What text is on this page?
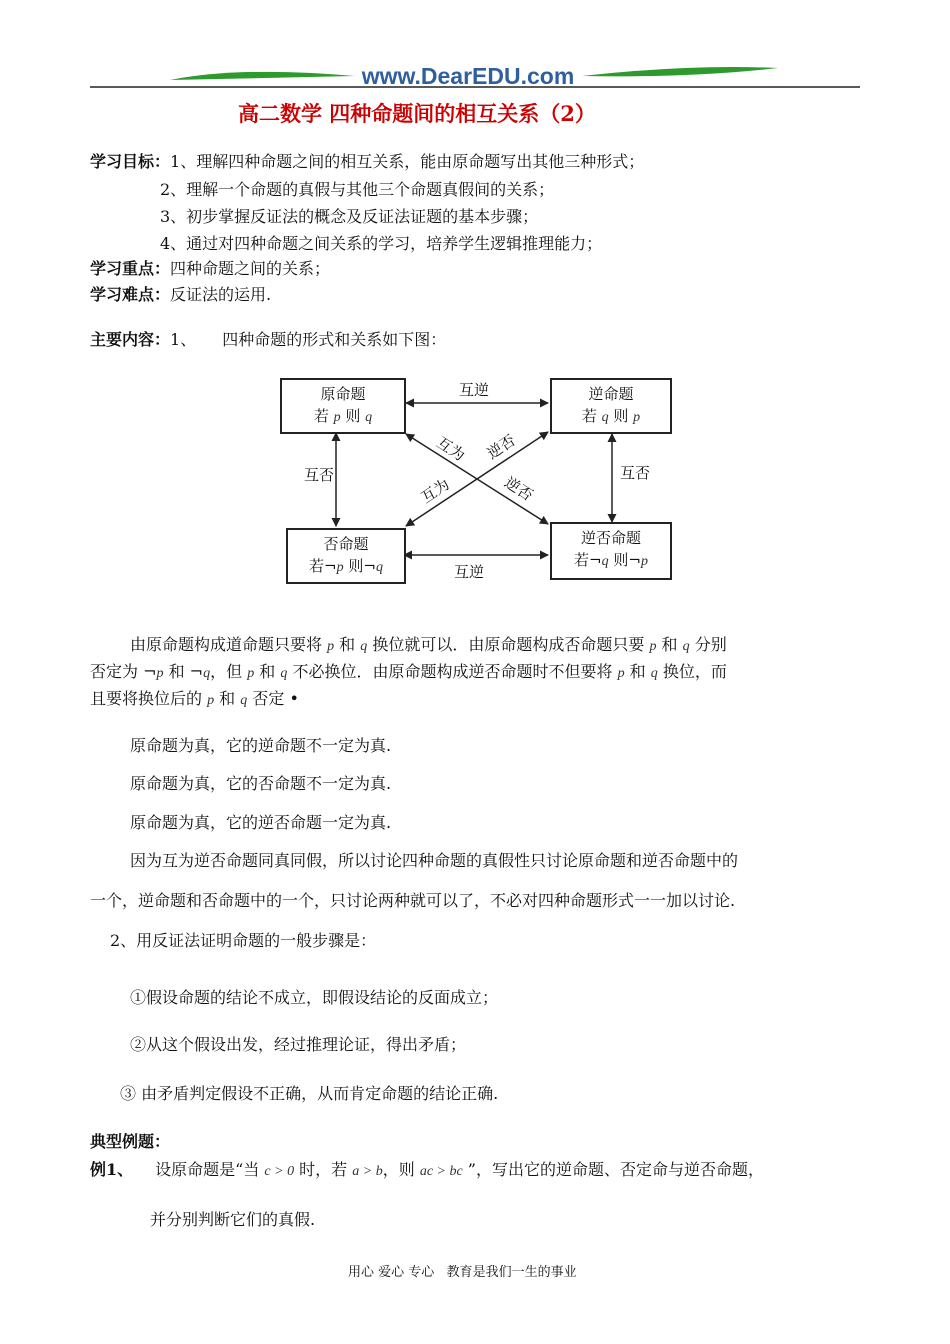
www.DearEDU.com
高二数学 四种命题间的相互关系（2）
学习目标：1、理解四种命题之间的相互关系，能由原命题写出其他三种形式；
2、理解一个命题的真假与其他三个命题真假间的关系；
3、初步掌握反证法的概念及反证法证题的基本步骤；
4、通过对四种命题之间关系的学习，培养学生逻辑推理能力；
学习重点：四种命题之间的关系；
学习难点：反证法的运用.
主要内容：1、 四种命题的形式和关系如下图：
原命题
若 p 则 q
逆命题
若 q 则 p
否命题
若¬p 则¬q
逆否命题
若¬q 则¬p
互逆
互逆
互否	互否
互为
逆否
互为
逆否
由原命题构成道命题只要将 p 和 q 换位就可以．由原命题构成否命题只要 p 和 q 分别
否定为 ¬p 和 ¬q，但 p 和 q 不必换位．由原命题构成逆否命题时不但要将 p 和 q 换位，而
且要将换位后的 p 和 q 否定 •
原命题为真，它的逆命题不一定为真.
原命题为真，它的否命题不一定为真.
原命题为真，它的逆否命题一定为真.
因为互为逆否命题同真同假，所以讨论四种命题的真假性只讨论原命题和逆否命题中的
一个，逆命题和否命题中的一个，只讨论两种就可以了，不必对四种命题形式一一加以讨论.
2、用反证法证明命题的一般步骤是：
①假设命题的结论不成立，即假设结论的反面成立；
②从这个假设出发，经过推理论证，得出矛盾；
③ 由矛盾判定假设不正确，从而肯定命题的结论正确.
典型例题：
例1、 设原命题是“当 c > 0 时，若 a > b，则 ac > bc ”，写出它的逆命题、否定命与逆否命题，
并分别判断它们的真假.
用心 爱心 专心   教育是我们一生的事业
